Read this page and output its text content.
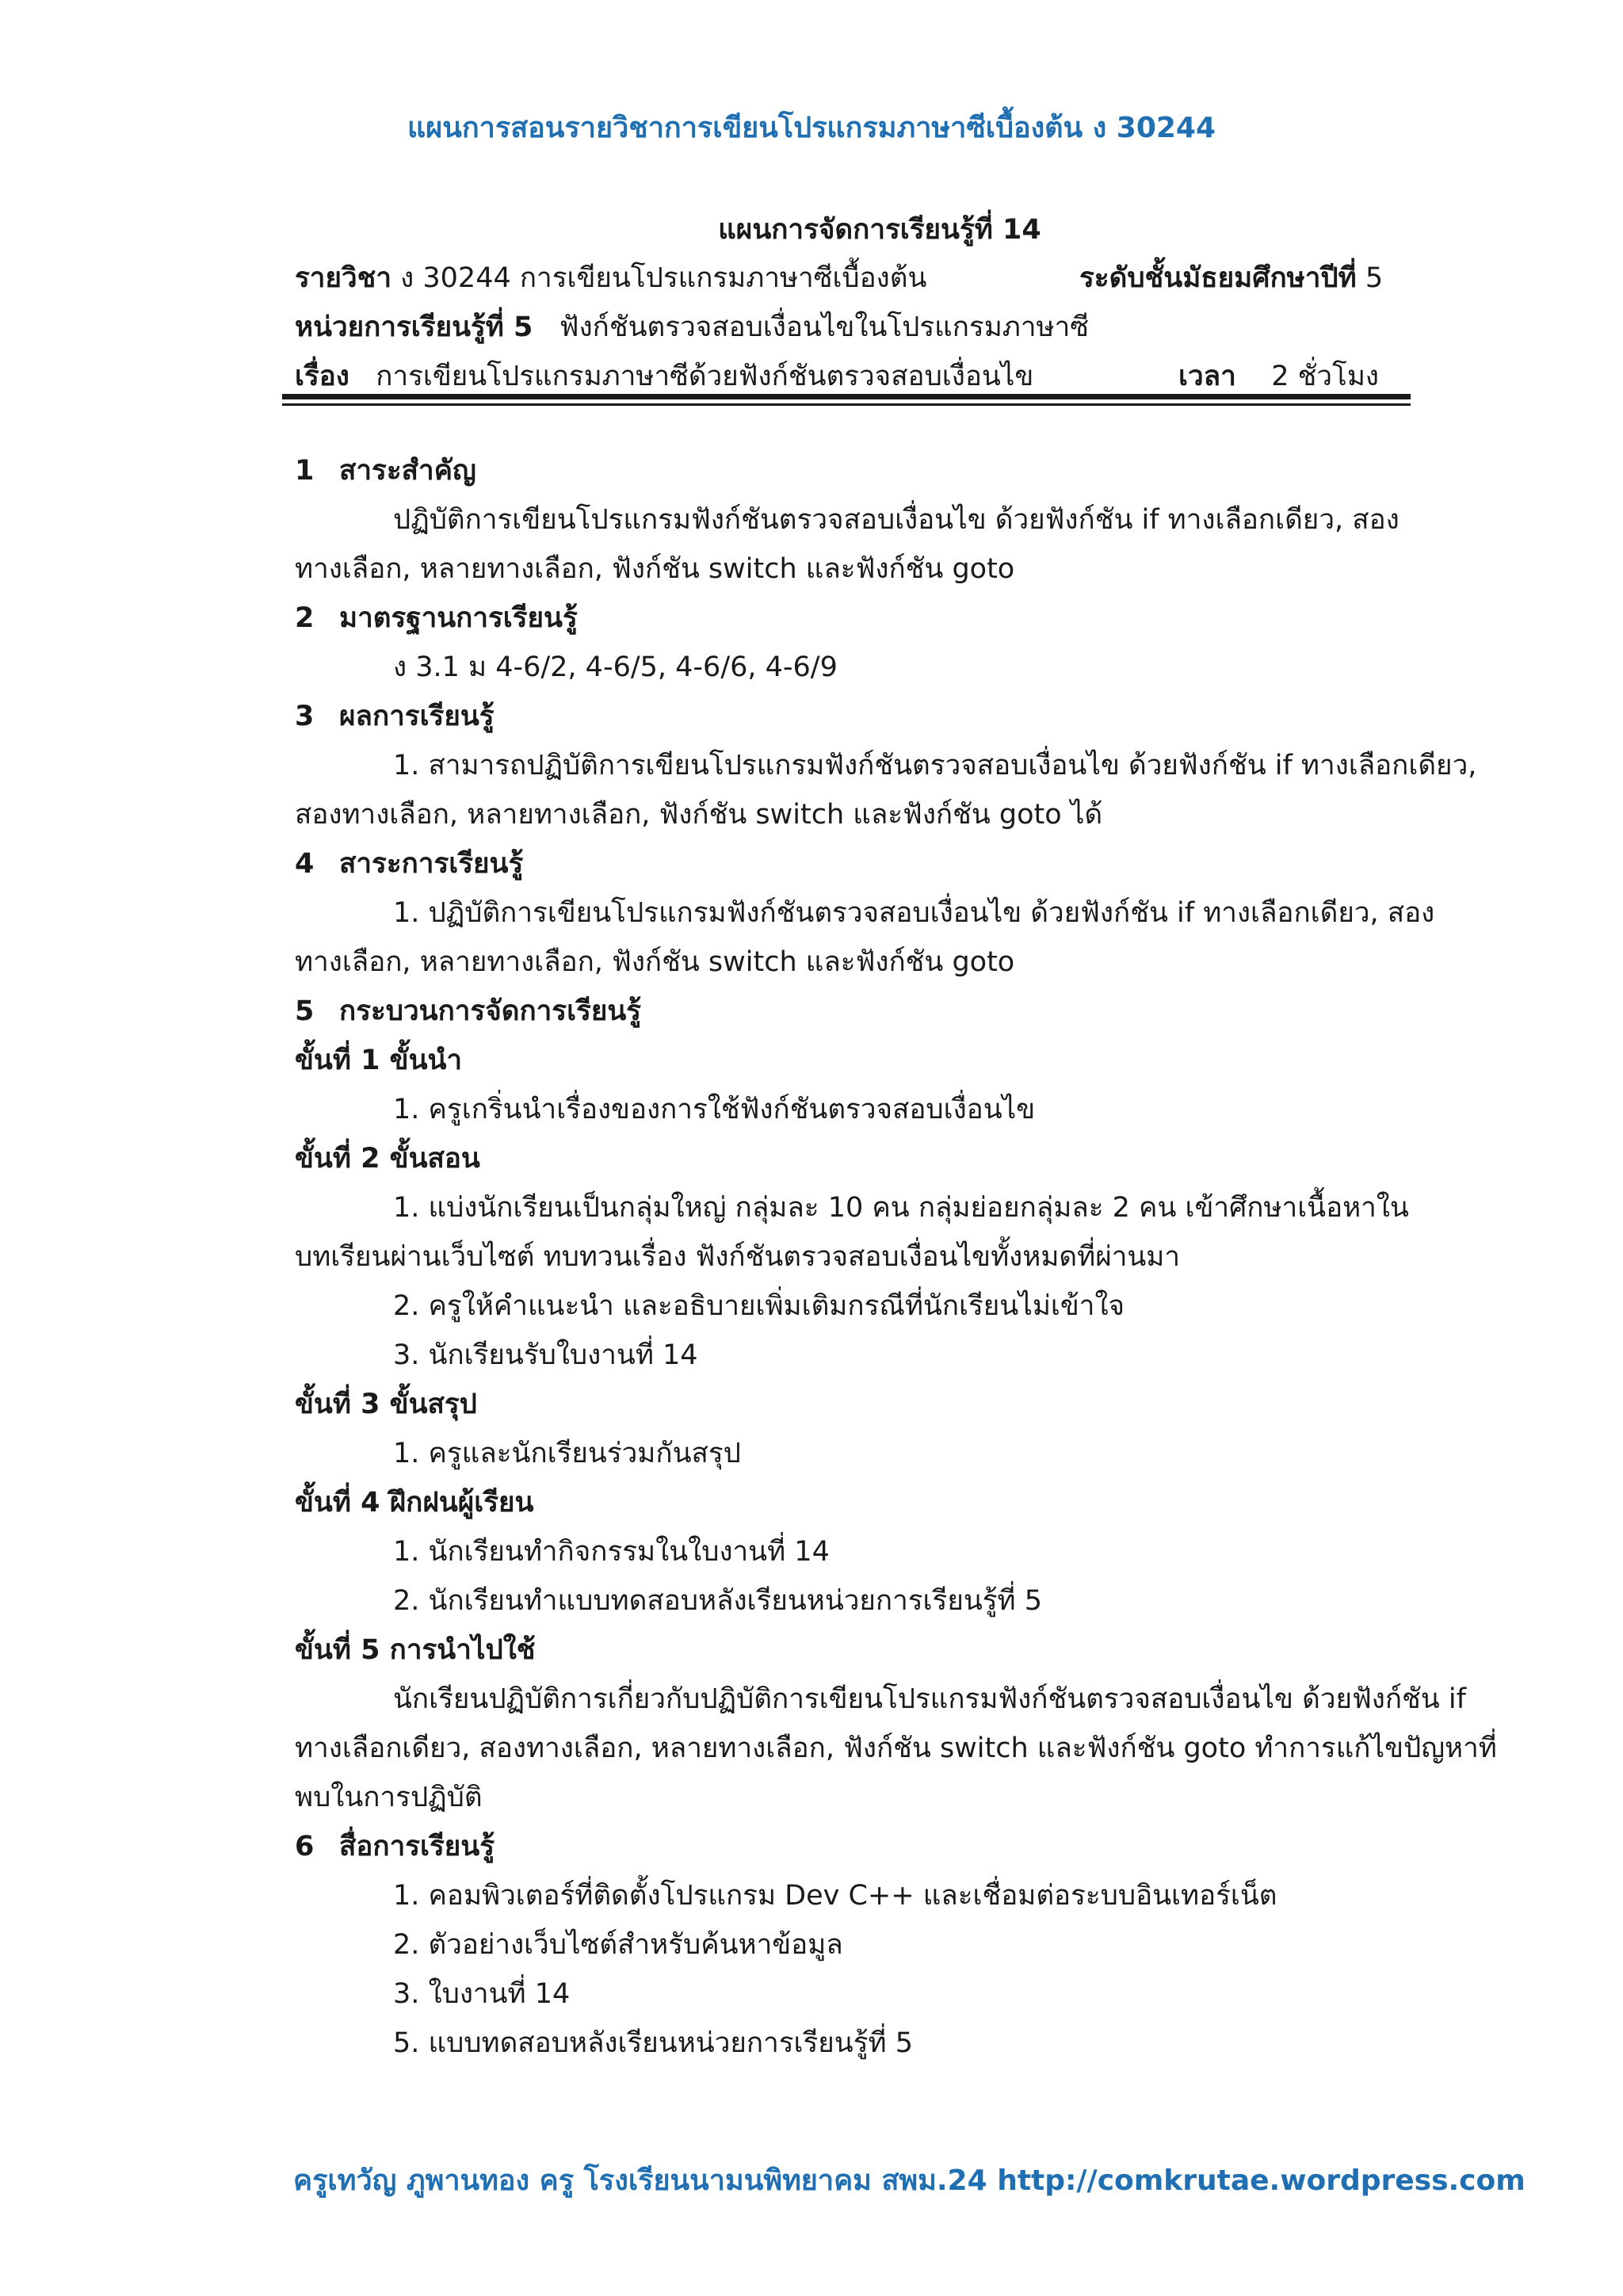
แผนการสอนรายวิชาการเขียนโปรแกรมภาษาซีเบื้องต้น ง 30244
แผนการจัดการเรียนรู้ที่ 14
รายวิชา ง 30244 การเขียนโปรแกรมภาษาซีเบื้องต้น	ระดับชั้นมัธยมศึกษาปีที่ 5
หน่วยการเรียนรู้ที่ 5 ฟังก์ชันตรวจสอบเงื่อนไขในโปรแกรมภาษาซี
เรื่อง การเขียนโปรแกรมภาษาซีด้วยฟังก์ชันตรวจสอบเงื่อนไข	เวลา 2 ชั่วโมง
1 สาระสำคัญ
ปฏิบัติการเขียนโปรแกรมฟังก์ชันตรวจสอบเงื่อนไข ด้วยฟังก์ชัน if ทางเลือกเดียว, สอง
ทางเลือก, หลายทางเลือก, ฟังก์ชัน switch และฟังก์ชัน goto
2 มาตรฐานการเรียนรู้
ง 3.1 ม 4-6/2, 4-6/5, 4-6/6, 4-6/9
3 ผลการเรียนรู้
1. สามารถปฏิบัติการเขียนโปรแกรมฟังก์ชันตรวจสอบเงื่อนไข ด้วยฟังก์ชัน if ทางเลือกเดียว,
สองทางเลือก, หลายทางเลือก, ฟังก์ชัน switch และฟังก์ชัน goto ได้
4 สาระการเรียนรู้
1. ปฏิบัติการเขียนโปรแกรมฟังก์ชันตรวจสอบเงื่อนไข ด้วยฟังก์ชัน if ทางเลือกเดียว, สอง
ทางเลือก, หลายทางเลือก, ฟังก์ชัน switch และฟังก์ชัน goto
5 กระบวนการจัดการเรียนรู้
ขั้นที่ 1 ขั้นนำ
1. ครูเกริ่นนำเรื่องของการใช้ฟังก์ชันตรวจสอบเงื่อนไข
ขั้นที่ 2 ขั้นสอน
1. แบ่งนักเรียนเป็นกลุ่มใหญ่ กลุ่มละ 10 คน กลุ่มย่อยกลุ่มละ 2 คน เข้าศึกษาเนื้อหาใน
บทเรียนผ่านเว็บไซต์ ทบทวนเรื่อง ฟังก์ชันตรวจสอบเงื่อนไขทั้งหมดที่ผ่านมา
2. ครูให้คำแนะนำ และอธิบายเพิ่มเติมกรณีที่นักเรียนไม่เข้าใจ
3. นักเรียนรับใบงานที่ 14
ขั้นที่ 3 ขั้นสรุป
1. ครูและนักเรียนร่วมกันสรุป
ขั้นที่ 4 ฝึกฝนผู้เรียน
1. นักเรียนทำกิจกรรมในใบงานที่ 14
2. นักเรียนทำแบบทดสอบหลังเรียนหน่วยการเรียนรู้ที่ 5
ขั้นที่ 5 การนำไปใช้
นักเรียนปฏิบัติการเกี่ยวกับปฏิบัติการเขียนโปรแกรมฟังก์ชันตรวจสอบเงื่อนไข ด้วยฟังก์ชัน if
ทางเลือกเดียว, สองทางเลือก, หลายทางเลือก, ฟังก์ชัน switch และฟังก์ชัน goto ทำการแก้ไขปัญหาที่
พบในการปฏิบัติ
6 สื่อการเรียนรู้
1. คอมพิวเตอร์ที่ติดตั้งโปรแกรม Dev C++ และเชื่อมต่อระบบอินเทอร์เน็ต
2. ตัวอย่างเว็บไซต์สำหรับค้นหาข้อมูล
3. ใบงานที่ 14
5. แบบทดสอบหลังเรียนหน่วยการเรียนรู้ที่ 5
ครูเทวัญ ภูพานทอง ครู โรงเรียนนามนพิทยาคม สพม.24 http://comkrutae.wordpress.com
